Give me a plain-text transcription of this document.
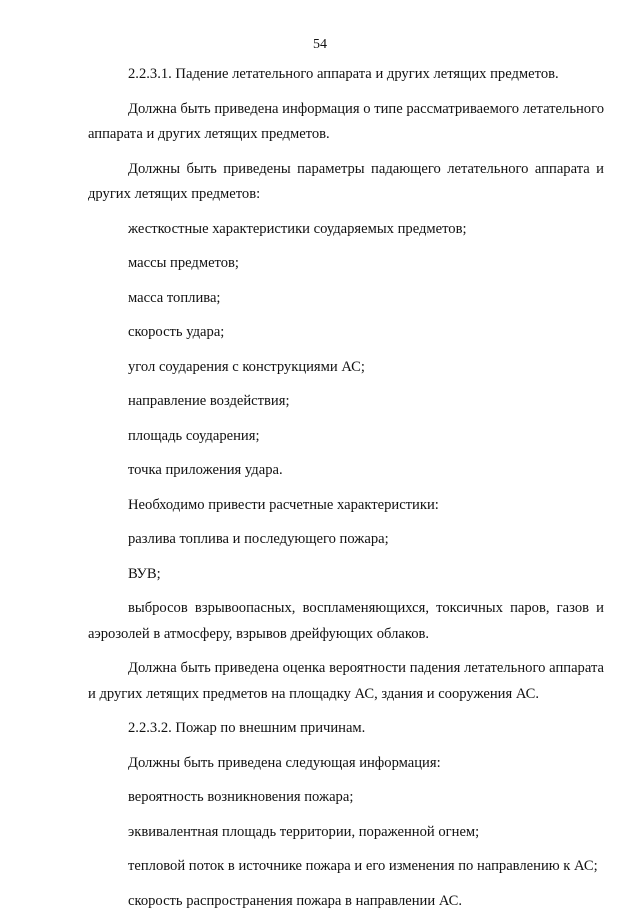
54

2.2.3.1. Падение летательного аппарата и других летящих предметов.

Должна быть приведена информация о типе рассматриваемого летательного аппарата и других летящих предметов.

Должны быть приведены параметры падающего летательного аппарата и других летящих предметов:

жесткостные характеристики соударяемых предметов;

массы предметов;

масса топлива;

скорость удара;

угол соударения с конструкциями АС;

направление воздействия;

площадь соударения;

точка приложения удара.

Необходимо привести расчетные характеристики:

разлива топлива и последующего пожара;

ВУВ;

выбросов взрывоопасных, воспламеняющихся, токсичных паров, газов и аэрозолей в атмосферу, взрывов дрейфующих облаков.

Должна быть приведена оценка вероятности падения летательного аппарата и других летящих предметов на площадку АС, здания и сооружения АС.

2.2.3.2. Пожар по внешним причинам.

Должны быть приведена следующая информация:

вероятность возникновения пожара;

эквивалентная площадь территории, пораженной огнем;

тепловой поток в источнике пожара и его изменения по направлению к АС;

скорость распространения пожара в направлении АС.
